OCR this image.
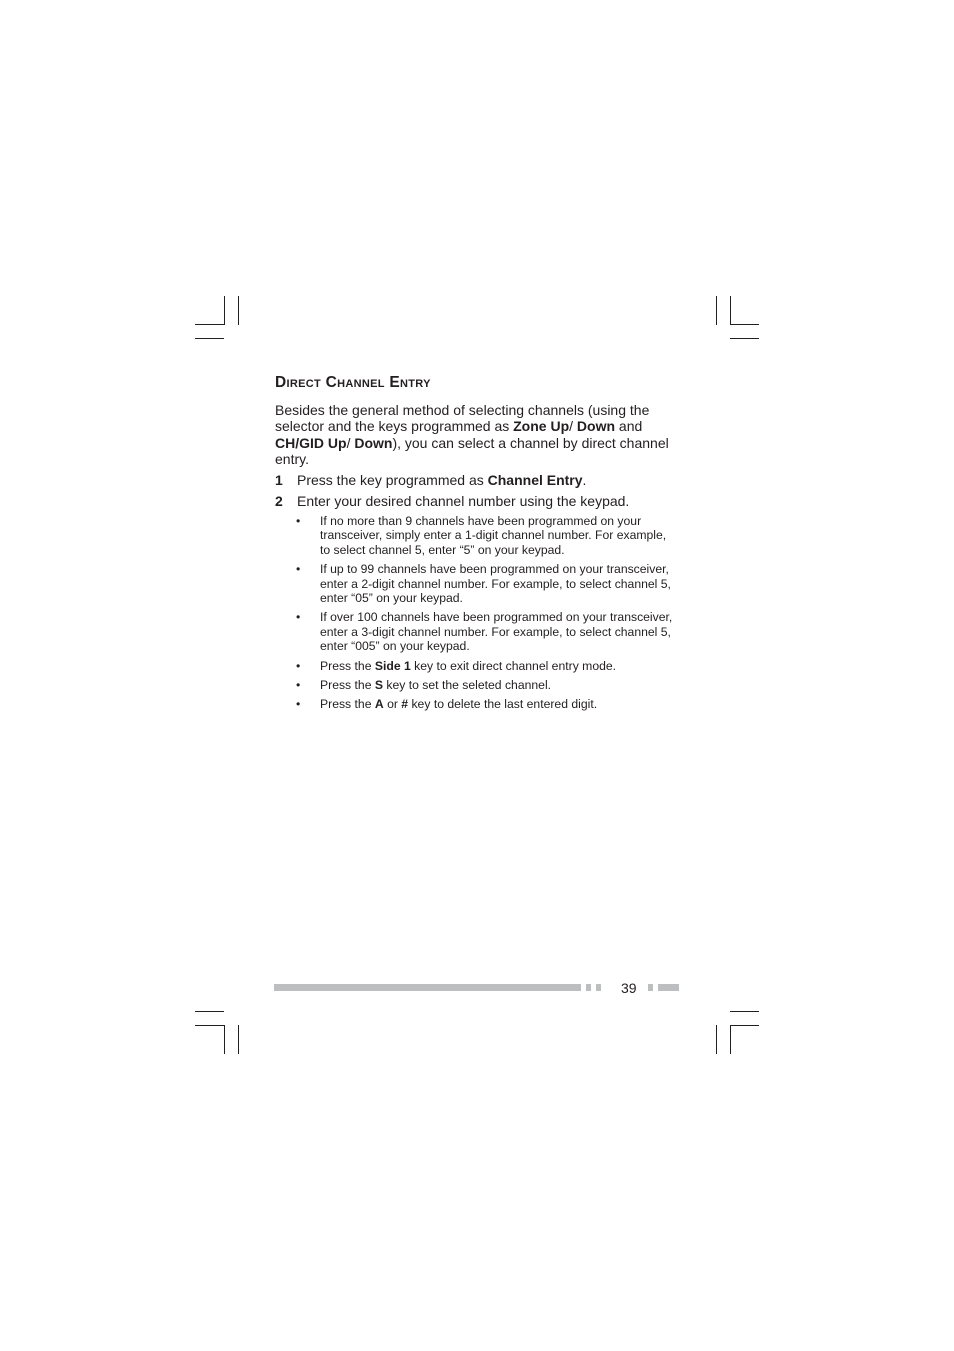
Direct Channel Entry

Besides the general method of selecting channels (using the selector and the keys programmed as Zone Up/ Down and CH/GID Up/ Down), you can select a channel by direct channel entry.

1 Press the key programmed as Channel Entry.
2 Enter your desired channel number using the keypad.
• If no more than 9 channels have been programmed on your transceiver, simply enter a 1-digit channel number. For example, to select channel 5, enter “5” on your keypad.
• If up to 99 channels have been programmed on your transceiver, enter a 2-digit channel number. For example, to select channel 5, enter “05” on your keypad.
• If over 100 channels have been programmed on your transceiver, enter a 3-digit channel number. For example, to select channel 5, enter “005” on your keypad.
• Press the Side 1 key to exit direct channel entry mode.
• Press the S key to set the seleted channel.
• Press the A or # key to delete the last entered digit.
39
